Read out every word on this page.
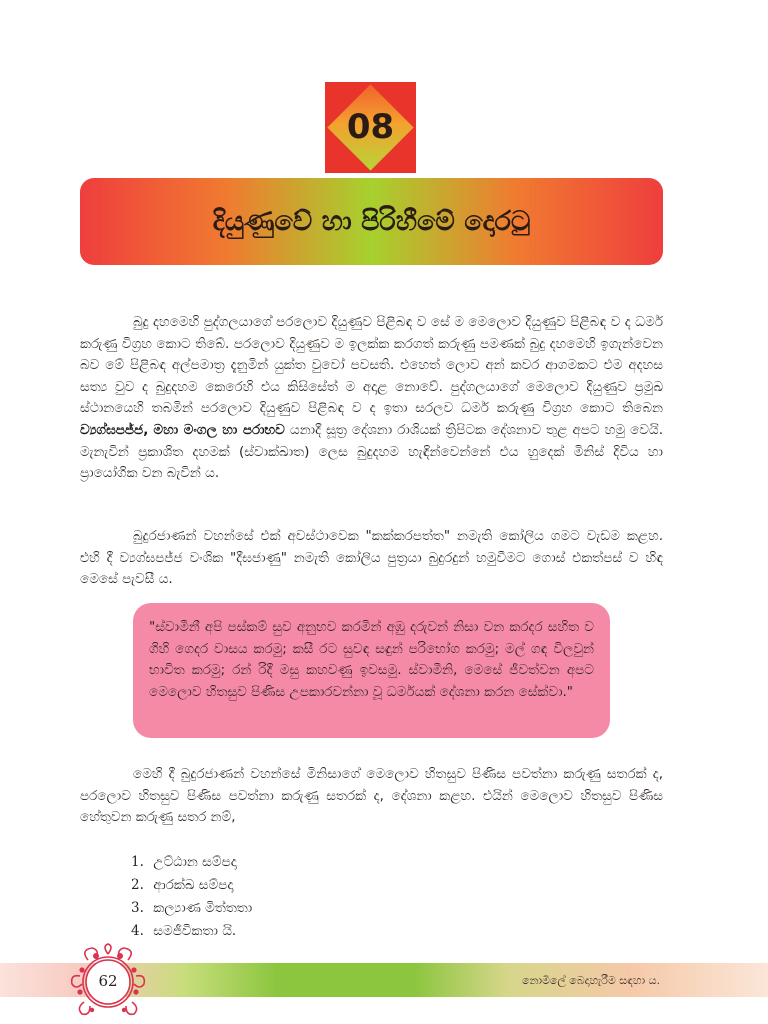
08
දියුණුවේ හා පිරිහීමේ දොරටු

බුදු දහමෙහි පුද්ගලයාගේ පරලොව දියුණුව පිළිබඳ ව සේ ම මෙලොව දියුණුව පිළිබඳ ව ද ධර්ම කරුණු විග්‍රහ කොට තිබේ. පරලොව දියුණුව ම ඉලක්ක කරගත් කරුණු පමණක් බුදු දහමෙහි ඉගැන්වෙන බව මේ පිළිබඳ අල්පමාත්‍ර දැනුමින් යුක්ත වුවෝ පවසති. එහෙත් ලොව අන් කවර ආගමකට එම අදහස සත්‍ය වුව ද බුදුදහම කෙරෙහි එය කිසිසේත් ම අදාළ නොවේ. පුද්ගලයාගේ මෙලොව දියුණුව ප්‍රමුඛ ස්ථානයෙහි තබමින් පරලොව දියුණුව පිළිබඳ ව ද ඉතා සරලව ධර්ම කරුණු විග්‍රහ කොට තිබෙන ව්‍යග්ඝපජ්ජ, මහා මංගල හා පරාභව යනාදී සූත්‍ර දේශනා රාශියක් ත්‍රිපිටක දේශනාව තුළ අපට හමු වෙයි. මැනැවින් ප්‍රකාශිත දහමක් (ස්වාක්ඛාත) ලෙස බුදුදහම හැඳින්වෙන්නේ එය හුදෙක් මිනිස් දිවිය හා ප්‍රායෝගික වන බැවින් ය.

බුදුරජාණන් වහන්සේ එක් අවස්ථාවෙක "කක්කරපත්ත" නමැති කෝලිය ගමට වැඩම කළහ. එහි දී ව්‍යග්ඝපජ්ජ වංශික "දීඝජාණු" නමැති කෝලිය පුත්‍රයා බුදුරදුන් හමුවීමට ගොස් එකත්පස් ව හිඳ මෙසේ පැවසී ය.

"ස්වාමීනී අපි පස්කම් සුව අනුභව කරමින් අඹු දරුවන් නිසා වන කරදර සහිත ව ගිහි ගෙදර වාසය කරමු; කසී රට සුවඳ සඳුන් පරිභෝග කරමු; මල් ගඳ විලවුන් භාවිත කරමු; රන් රිදී මසු කහවණු ඉවසමු. ස්වාමීනි, මෙසේ ජීවත්වන අපට මෙලොව හිතසුව පිණිස උපකාරවන්නා වූ ධර්මයක් දේශනා කරන සේක්වා."

මෙහි දී බුදුරජාණන් වහන්සේ මිනිසාගේ මෙලොව හිතසුව පිණිස පවත්නා කරුණු සතරක් ද, පරලොව හිතසුව පිණිස පවත්නා කරුණු සතරක් ද, දේශනා කළහ. එයින් මෙලොව හිතසුව පිණිස හේතුවන කරුණු සතර නම්,

1. උට්ඨාන සම්පදා
2. ආරක්ඛ සම්පදා
3. කල්‍යාණ මිත්තතා
4. සමජීවිකතා යි.
නොමිලේ බෙදාහැරීම සඳහා ය.
62
